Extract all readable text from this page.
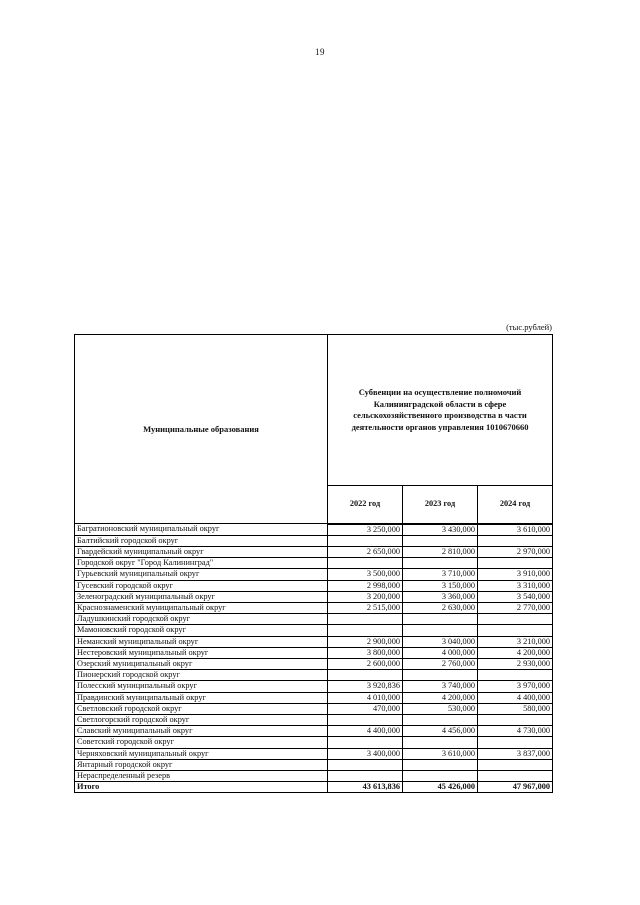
19
(тыс.рублей)
Муниципальные образования	Субвенции на осуществление полномочий Калининградской области в сфере сельскохозяйственного производства в части деятельности органов управления 1010670660		
	2022 год	2023 год	2024 год
Багратионовский муниципальный округ	3 250,000	3 430,000	3 610,000
Балтийский городской округ			
Гвардейский муниципальный округ	2 650,000	2 810,000	2 970,000
Городской округ "Город Калининград"			
Гурьевский муниципальный округ	3 500,000	3 710,000	3 910,000
Гусевский городской округ	2 998,000	3 150,000	3 310,000
Зеленоградский муниципальный округ	3 200,000	3 360,000	3 540,000
Краснознаменский муниципальный округ	2 515,000	2 630,000	2 770,000
Ладушкинский городской округ			
Мамоновский городской округ			
Неманский муниципальный округ	2 900,000	3 040,000	3 210,000
Нестеровский муниципальный округ	3 800,000	4 000,000	4 200,000
Озерский муниципальный округ	2 600,000	2 760,000	2 930,000
Пионерский городской округ			
Полесский муниципальный округ	3 920,836	3 740,000	3 970,000
Правдинский муниципальный округ	4 010,000	4 200,000	4 400,000
Светловский городской округ	470,000	530,000	580,000
Светлогорский городской округ			
Славский муниципальный округ	4 400,000	4 456,000	4 730,000
Советский городской округ			
Черняховский муниципальный округ	3 400,000	3 610,000	3 837,000
Янтарный городской округ			
Нераспределенный резерв			
Итого	43 613,836	45 426,000	47 967,000
